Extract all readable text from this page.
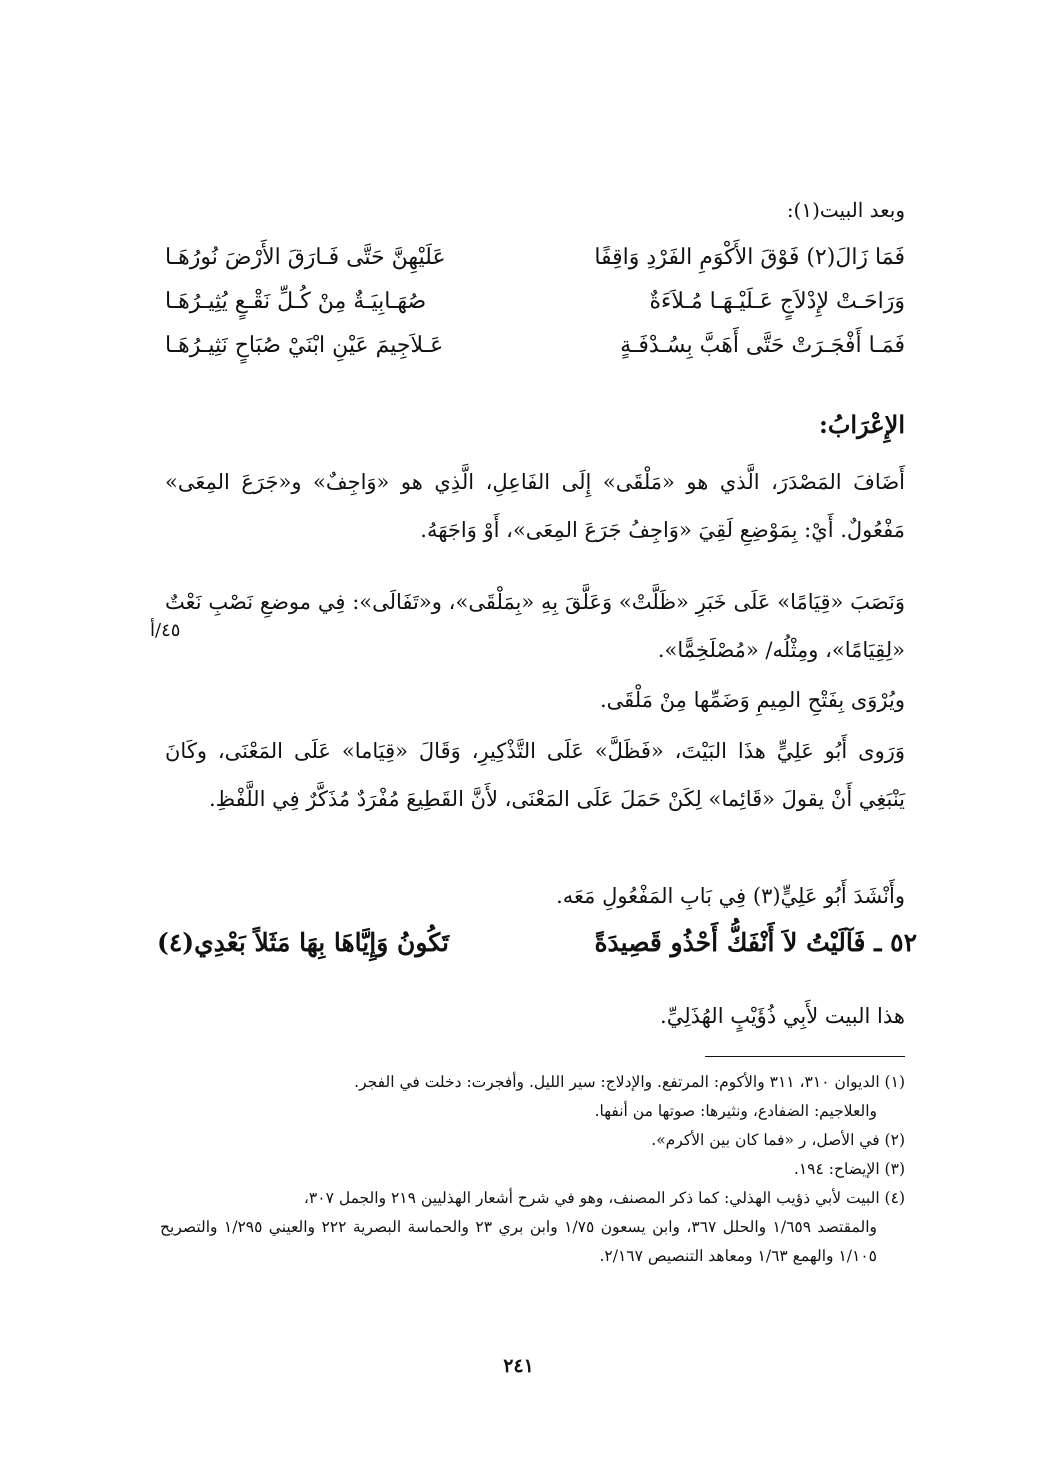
وبعد البيت(١):
فَمَا زَالَ(٢) فَوْقَ الأَكْوَمِ الفَرْدِ وَاقِفًا
عَلَيْهِنَّ حَتَّى فَـارَقَ الأَرْضَ نُورُهَـا
وَرَاحَـتْ لإِدْلاَجٍ عَـلَيْـهَـا مُـلاَءَةٌ
صُهَـابِيَـةٌ مِنْ كُـلِّ نَقْـعٍ يُثِيـرُهَـا
فَمَـا أَفْجَـرَتْ حَتَّى أَهَبَّ بِسُـدْفَـةٍ
عَـلاَجِيمَ عَيْنِ ابْنَيْ صُبَاحٍ نَثِيـرُهَـا
الإِعْرَابُ:
أَضَافَ المَصْدَرَ، الَّذي هو «مَلْقَى» إِلَى الفَاعِلِ، الَّذِي هو «وَاجِفٌ» و«جَرَعَ المِعَى» مَفْعُولٌ. أَيْ: بِمَوْضِعِ لَقِيَ «وَاجِفُ جَرَعَ المِعَى»، أَوْ وَاجَهَهُ.
وَنَصَبَ «قِيَامًا» عَلَى خَبَرِ «ظَلَّتْ» وَعَلَّقَ بِهِ «بِمَلْقَى»، و«تَفَالَى»: فِي موضعِ نَصْبِ نَعْتٌ «لِقِيَامًا»، ومِثْلُه/ «مُصْلَخِمًّا».
٤٥/أ
ويُرْوَى بِفَتْحِ المِيمِ وَضَمِّها مِنْ مَلْقَى.
وَرَوى أَبُو عَلِيٍّ هذَا البَيْتَ، «فَظَلَّ» عَلَى التَّذْكِيرِ، وَقَالَ «قِيَاما» عَلَى المَعْنَى، وكَانَ يَنْبَغِي أَنْ يقولَ «قَائِما» لِكَنْ حَمَلَ عَلَى المَعْنَى، لأَنَّ القَطِيعَ مُفْرَدٌ مُذَكَّرٌ فِي اللَّفْظِ.
وأَنْشَدَ أَبُو عَلِيٍّ(٣) فِي بَابِ المَفْعُولِ مَعَه.
٥٢ ـ فَآلَيْتُ لاَ أَنْفَكُّ أَحْذُو قَصِيدَةً
تَكُونُ وَإِيَّاهَا بِهَا مَثَلاً بَعْدِي(٤)
هذا البيت لأَبِي ذُؤَيْبٍ الهُذَلِيِّ.
(١) الديوان ٣١٠، ٣١١ والأكوم: المرتفع. والإدلاج: سير الليل. وأفجرت: دخلت في الفجر.
والعلاجيم: الضفادع، ونثيرها: صوتها من أنفها.
(٢) في الأصل، ر «فما كان بين الأكرم».
(٣) الإيضاح: ١٩٤.
(٤) البيت لأبي ذؤيب الهذلي: كما ذكر المصنف، وهو في شرح أشعار الهذليين ٢١٩ والجمل ٣٠٧،
والمقتصد ١/٦٥٩ والحلل ٣٦٧، وابن يسعون ١/٧٥ وابن بري ٢٣ والحماسة البصرية ٢٢٢ والعيني ١/٢٩٥ والتصريح ١/١٠٥ والهمع ١/٦٣ ومعاهد التنصيص ٢/١٦٧.
٢٤١
